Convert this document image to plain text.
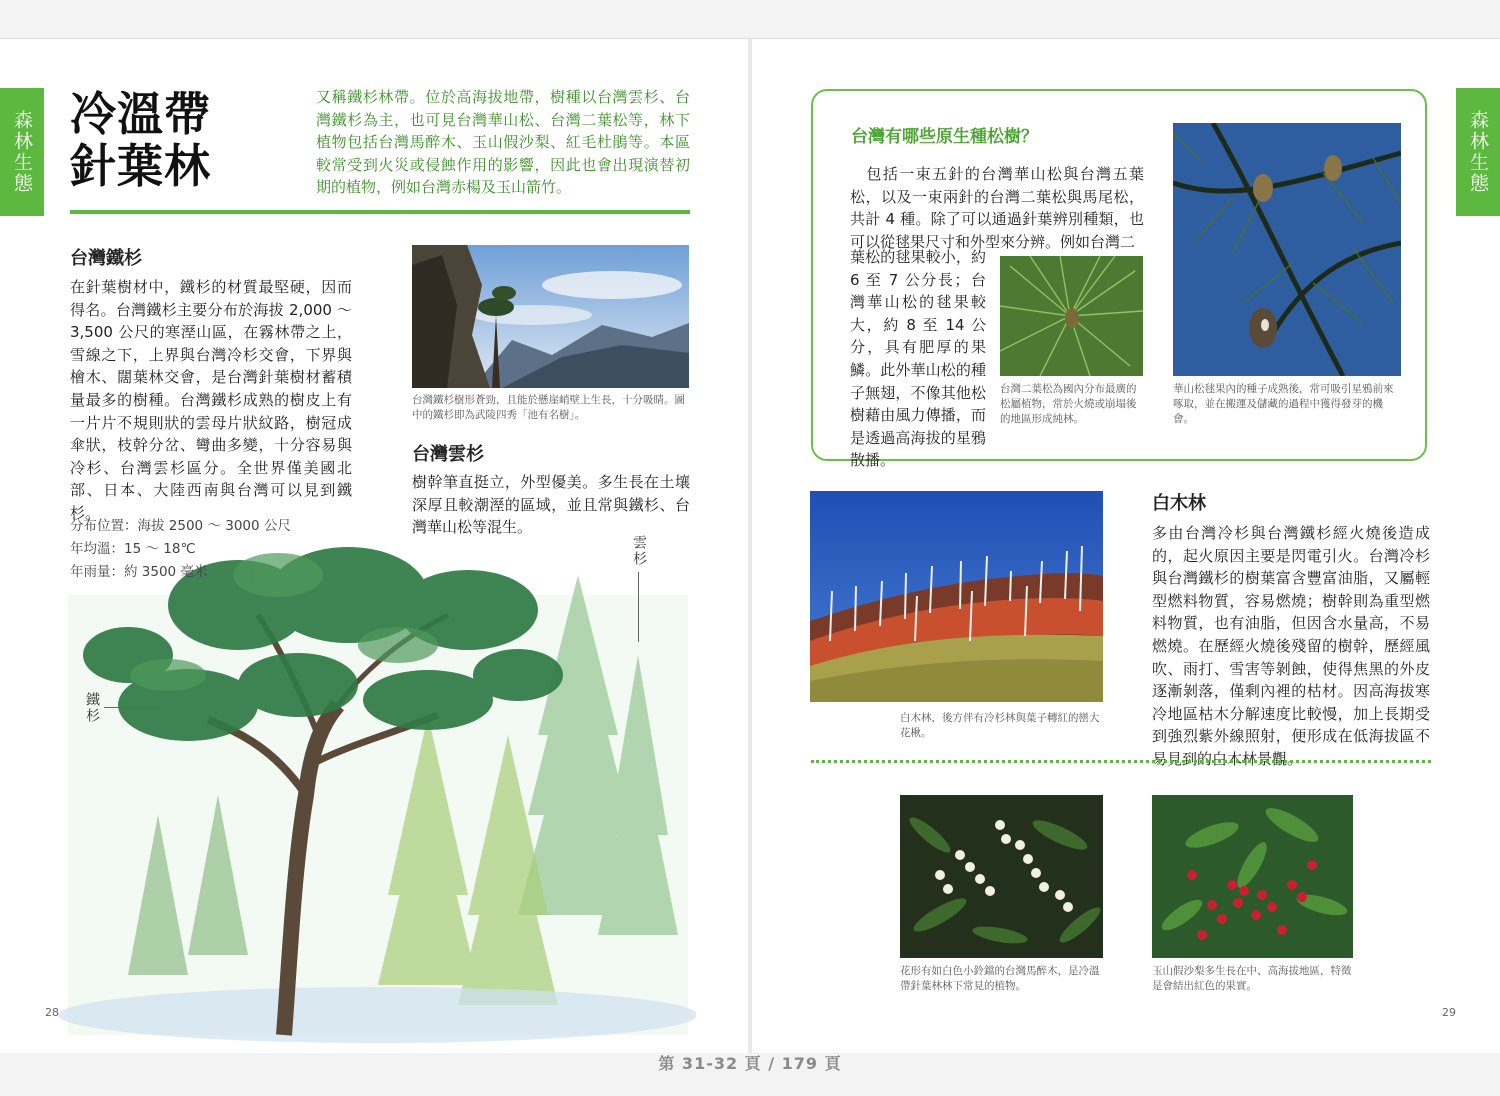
森林生態 冷溫帶
針葉林
又稱鐵杉林帶。位於高海拔地帶，樹種以台灣雲杉、台灣鐵杉為主，也可見台灣華山松、台灣二葉松等，林下植物包括台灣馬醉木、玉山假沙梨、紅毛杜鵑等。本區較常受到火災或侵蝕作用的影響，因此也會出現演替初期的植物，例如台灣赤楊及玉山箭竹。
台灣鐵杉
在針葉樹材中，鐵杉的材質最堅硬，因而得名。台灣鐵杉主要分布於海拔 2,000 ～ 3,500 公尺的寒溼山區，在霧林帶之上，雪線之下，上界與台灣冷杉交會，下界與檜木、闊葉林交會，是台灣針葉樹材蓄積量最多的樹種。台灣鐵杉成熟的樹皮上有一片片不規則狀的雲母片狀紋路，樹冠成傘狀，枝幹分岔、彎曲多變，十分容易與冷杉、台灣雲杉區分。全世界僅美國北部、日本、大陸西南與台灣可以見到鐵杉。
台灣鐵杉樹形蒼勁，且能於懸崖峭壁上生長，十分吸睛。圖中的鐵杉即為武陵四秀「池有名樹」。
台灣雲杉
樹幹筆直挺立，外型優美。多生長在土壤深厚且較潮溼的區域，並且常與鐵杉、台灣華山松等混生。
分布位置：海拔 2500 ～ 3000 公尺
年均溫：15 ～ 18℃
年雨量：約 3500 毫米
雲杉
鐵杉
28
森林生態
台灣有哪些原生種松樹？
　包括一束五針的台灣華山松與台灣五葉松，以及一束兩針的台灣二葉松與馬尾松，共計 4 種。除了可以通過針葉辨別種類，也可以從毬果尺寸和外型來分辨。例如台灣二
葉松的毬果較小，約 6 至 7 公分長；台灣華山松的毬果較大，約 8 至 14 公分，具有肥厚的果鱗。此外華山松的種子無翅，不像其他松樹藉由風力傳播，而是透過高海拔的星鴉散播。
台灣二葉松為國內分布最廣的松屬植物，常於火燒或崩塌後的地區形成純林。
華山松毬果內的種子成熟後，常可吸引星鴉前來啄取，並在搬運及儲藏的過程中獲得發芽的機會。
白木林，後方伴有冷杉林與葉子轉紅的巒大花楸。
白木林
多由台灣冷杉與台灣鐵杉經火燒後造成的，起火原因主要是閃電引火。台灣冷杉與台灣鐵杉的樹葉富含豐富油脂，又屬輕型燃料物質，容易燃燒；樹幹則為重型燃料物質，也有油脂，但因含水量高，不易燃燒。在歷經火燒後殘留的樹幹，歷經風吹、雨打、雪害等剝蝕，使得焦黑的外皮逐漸剝落，僅剩內裡的枯材。因高海拔寒冷地區枯木分解速度比較慢，加上長期受到強烈紫外線照射，便形成在低海拔區不易見到的白木林景觀。
花形有如白色小鈴鐺的台灣馬醉木，是冷溫帶針葉林林下常見的植物。
玉山假沙梨多生長在中、高海拔地區，特徵是會結出紅色的果實。
29
第 31-32 頁 / 179 頁
